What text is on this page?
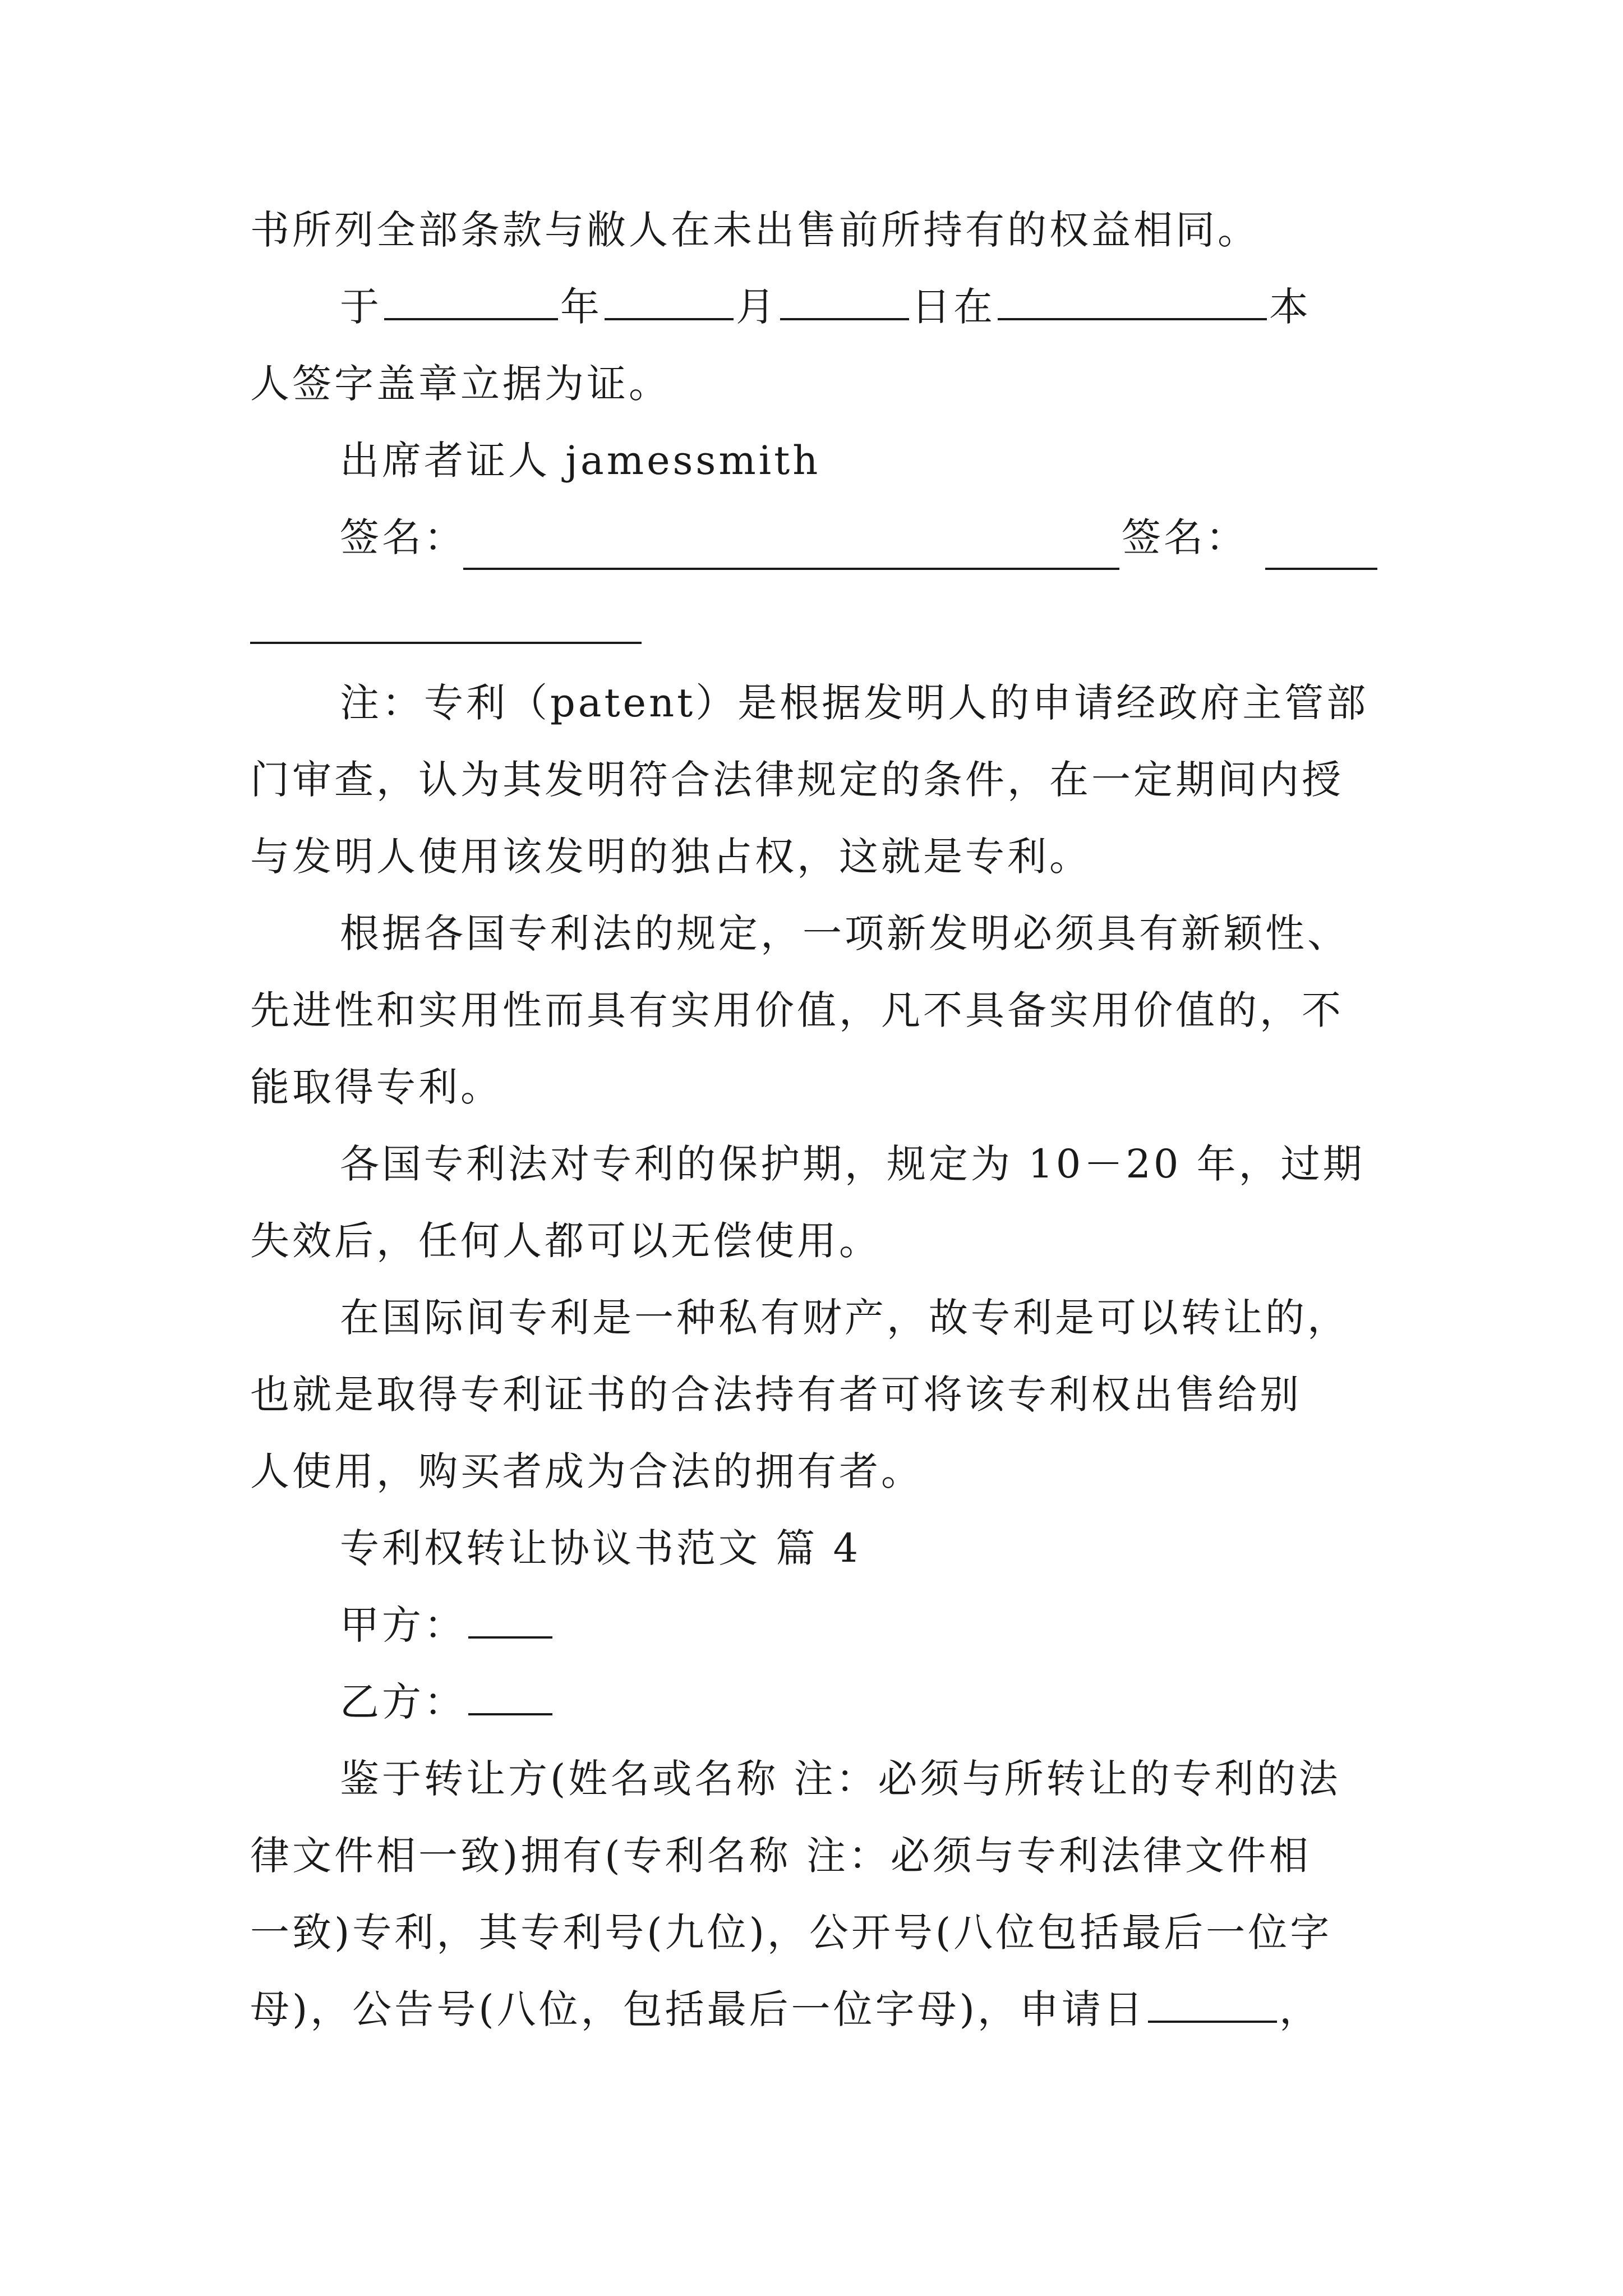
书所列全部条款与敝人在未出售前所持有的权益相同。
于	年	月	日在	本
人签字盖章立据为证。
出席者证人 jamessmith
签名：	签名：
注：专利（patent）是根据发明人的申请经政府主管部
门审查，认为其发明符合法律规定的条件，在一定期间内授
与发明人使用该发明的独占权，这就是专利。
根据各国专利法的规定，一项新发明必须具有新颖性、
先进性和实用性而具有实用价值，凡不具备实用价值的，不
能取得专利。
各国专利法对专利的保护期，规定为 10－20 年，过期
失效后，任何人都可以无偿使用。
在国际间专利是一种私有财产，故专利是可以转让的，
也就是取得专利证书的合法持有者可将该专利权出售给别
人使用，购买者成为合法的拥有者。
专利权转让协议书范文 篇 4
甲方：
乙方：
鉴于转让方(姓名或名称 注：必须与所转让的专利的法
律文件相一致)拥有(专利名称 注：必须与专利法律文件相
一致)专利，其专利号(九位)，公开号(八位包括最后一位字
母)，公告号(八位，包括最后一位字母)，申请日	，
